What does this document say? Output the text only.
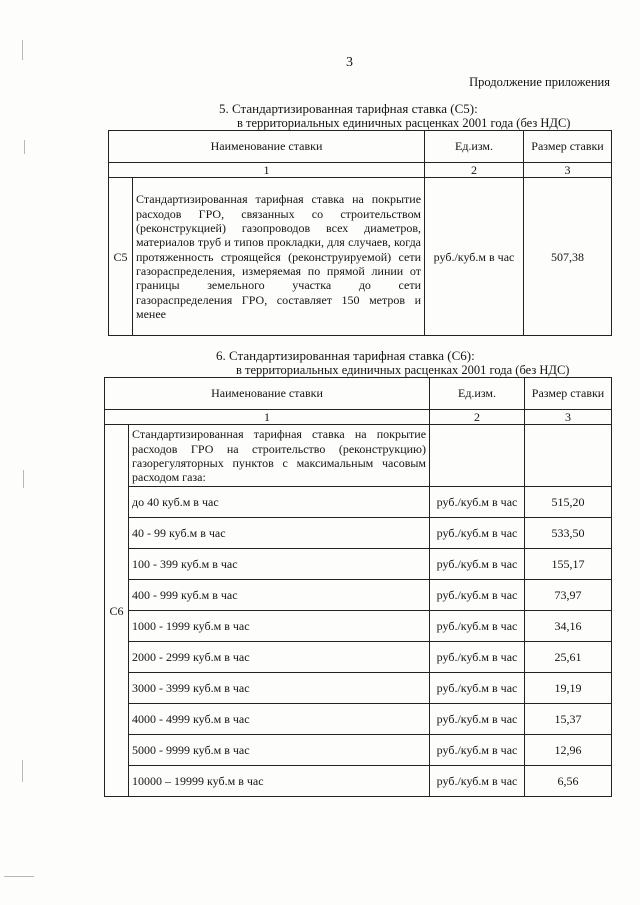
3
Продолжение приложения
5. Стандартизированная тарифная ставка (С5):
в территориальных единичных расценках 2001 года (без НДС)
Наименование ставки		Ед.изм.	Размер ставки
1		2	3
С5	Стандартизированная тарифная ставка на покрытие расходов ГРО, связанных со строительством (реконструкцией) газопроводов всех диаметров, материалов труб и типов прокладки, для случаев, когда протяженность строящейся (реконструируемой) сети газораспределения, измеряемая по прямой линии от границы земельного участка до сети газораспределения ГРО, составляет 150 метров и менее	руб./куб.м в час	507,38
6. Стандартизированная тарифная ставка (С6):
в территориальных единичных расценках 2001 года (без НДС)
Наименование ставки		Ед.изм.	Размер ставки
1		2	3
С6	Стандартизированная тарифная ставка на покрытие расходов ГРО на строительство (реконструкцию) газорегуляторных пунктов с максимальным часовым расходом газа:		
	до 40 куб.м в час	руб./куб.м в час	515,20
	40 - 99 куб.м в час	руб./куб.м в час	533,50
	100 - 399 куб.м в час	руб./куб.м в час	155,17
	400 - 999 куб.м в час	руб./куб.м в час	73,97
	1000 - 1999 куб.м в час	руб./куб.м в час	34,16
	2000 - 2999 куб.м в час	руб./куб.м в час	25,61
	3000 - 3999 куб.м в час	руб./куб.м в час	19,19
	4000 - 4999 куб.м в час	руб./куб.м в час	15,37
	5000 - 9999 куб.м в час	руб./куб.м в час	12,96
	10000 – 19999 куб.м в час	руб./куб.м в час	6,56
